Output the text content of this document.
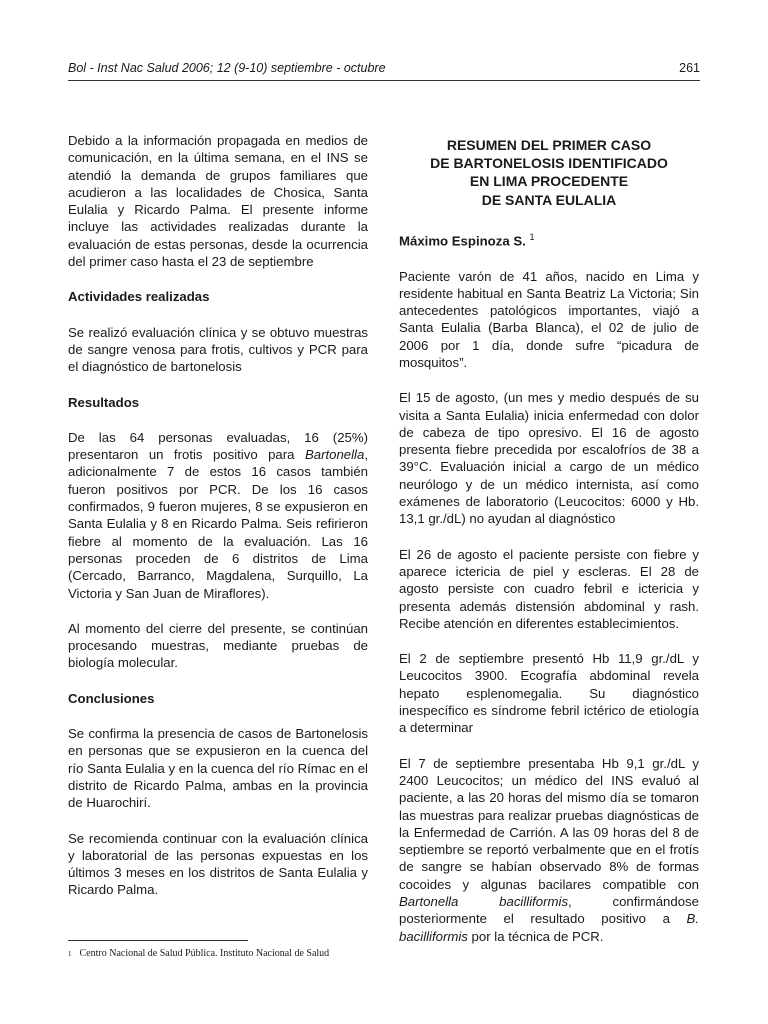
Bol - Inst Nac Salud 2006; 12 (9-10) septiembre - octubre	261

Debido a la información propagada en medios de comunicación, en la última semana, en el INS se atendió la demanda de grupos familiares que acudieron a las localidades de Chosica, Santa Eulalia y Ricardo Palma. El presente informe incluye las actividades realizadas durante la evaluación de estas personas, desde la ocurrencia del primer caso hasta el 23 de septiembre

Actividades realizadas

Se realizó evaluación clínica y se obtuvo muestras de sangre venosa para frotis, cultivos y PCR para el diagnóstico de bartonelosis

Resultados

De las 64 personas evaluadas, 16 (25%) presentaron un frotis positivo para Bartonella, adicionalmente 7 de estos 16 casos también fueron positivos por PCR. De los 16 casos confirmados, 9 fueron mujeres, 8 se expusieron en Santa Eulalia y 8 en Ricardo Palma. Seis refirieron fiebre al momento de la evaluación. Las 16 personas proceden de 6 distritos de Lima (Cercado, Barranco, Magdalena, Surquillo, La Victoria y San Juan de Miraflores).

Al momento del cierre del presente, se continúan procesando muestras, mediante pruebas de biología molecular.

Conclusiones

Se confirma la presencia de casos de Bartonelosis en personas que se expusieron en la cuenca del río Santa Eulalia y en la cuenca del río Rímac en el distrito de Ricardo Palma, ambas en la provincia de Huarochirí.

Se recomienda continuar con la evaluación clínica y laboratorial de las personas expuestas en los últimos 3 meses en los distritos de Santa Eulalia y Ricardo Palma.

RESUMEN DEL PRIMER CASO
DE BARTONELOSIS IDENTIFICADO
EN LIMA PROCEDENTE
DE SANTA EULALIA

Máximo Espinoza S. $^1$

Paciente varón de 41 años, nacido en Lima y residente habitual en Santa Beatriz La Victoria; Sin antecedentes patológicos importantes, viajó a Santa Eulalia (Barba Blanca), el 02 de julio de 2006 por 1 día, donde sufre “picadura de mosquitos”.

El 15 de agosto, (un mes y medio después de su visita a Santa Eulalia) inicia enfermedad con dolor de cabeza de tipo opresivo. El 16 de agosto presenta fiebre precedida por escalofríos de 38 a 39°C. Evaluación inicial a cargo de un médico neurólogo y de un médico internista, así como exámenes de laboratorio (Leucocitos: 6000 y Hb. 13,1 gr./dL) no ayudan al diagnóstico

El 26 de agosto el paciente persiste con fiebre y aparece ictericia de piel y escleras. El 28 de agosto persiste con cuadro febril e ictericia y presenta además distensión abdominal y rash. Recibe atención en diferentes establecimientos.

El 2 de septiembre presentó Hb 11,9 gr./dL y Leucocitos 3900. Ecografía abdominal revela hepato esplenomegalia. Su diagnóstico inespecífico es síndrome febril ictérico de etiología a determinar

El 7 de septiembre presentaba Hb 9,1 gr./dL y 2400 Leucocitos; un médico del INS evaluó al paciente, a las 20 horas del mismo día se tomaron las muestras para realizar pruebas diagnósticas de la Enfermedad de Carrión. A las 09 horas del 8 de septiembre se reportó verbalmente que en el frotís de sangre se habían observado 8% de formas cocoides y algunas bacilares compatible con Bartonella bacilliformis, confirmándose posteriormente el resultado positivo a B. bacilliformis por la técnica de PCR.

$^1$ Centro Nacional de Salud Pública. Instituto Nacional de Salud
